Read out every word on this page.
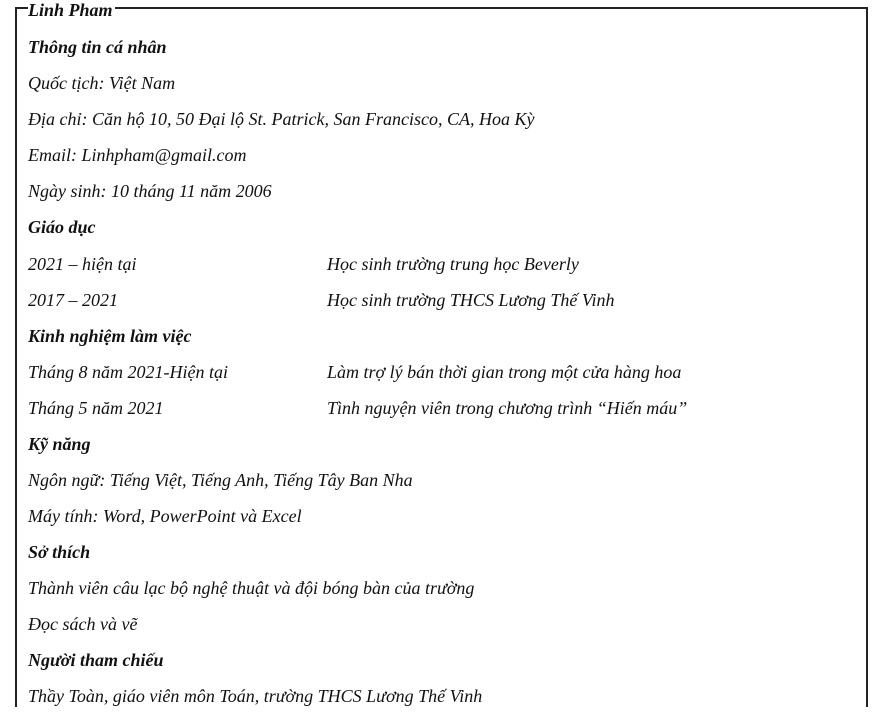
Linh Pham
Thông tin cá nhân
Quốc tịch: Việt Nam
Địa chỉ: Căn hộ 10, 50 Đại lộ St. Patrick, San Francisco, CA, Hoa Kỳ
Email: Linhpham@gmail.com
Ngày sinh: 10 tháng 11 năm 2006
Giáo dục
2021 – hiện tại	Học sinh trường trung học Beverly
2017 – 2021	Học sinh trường THCS Lương Thế Vinh
Kinh nghiệm làm việc
Tháng 8 năm 2021-Hiện tại	Làm trợ lý bán thời gian trong một cửa hàng hoa
Tháng 5 năm 2021	Tình nguyện viên trong chương trình “Hiến máu”
Kỹ năng
Ngôn ngữ: Tiếng Việt, Tiếng Anh, Tiếng Tây Ban Nha
Máy tính: Word, PowerPoint và Excel
Sở thích
Thành viên câu lạc bộ nghệ thuật và đội bóng bàn của trường
Đọc sách và vẽ
Người tham chiếu
Thầy Toàn, giáo viên môn Toán, trường THCS Lương Thế Vinh
